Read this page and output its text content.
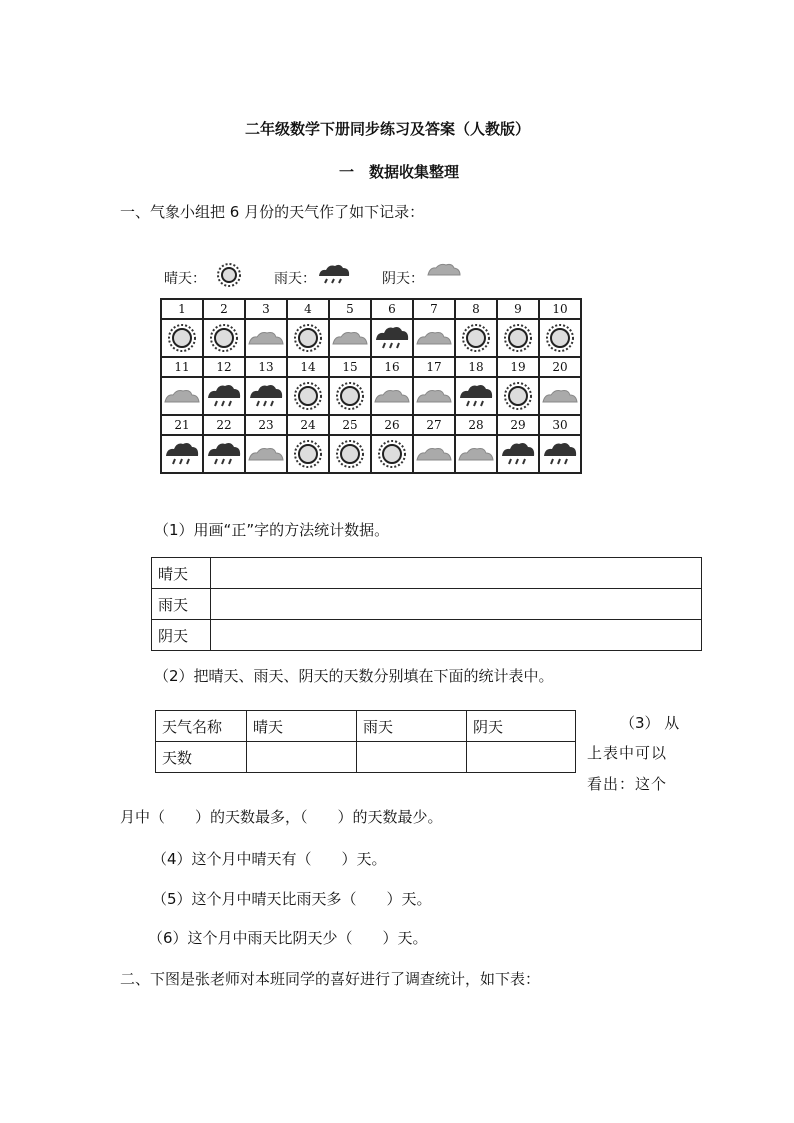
二年级数学下册同步练习及答案（人教版）
一　数据收集整理
一、气象小组把 6 月份的天气作了如下记录：
晴天：	雨天：	阴天：
1	2	3	4	5	6	7	8	9	10

11	12	13	14	15	16	17	18	19	20

21	22	23	24	25	26	27	28	29	30

（1）用画“正”字的方法统计数据。
晴天	
雨天	
阴天	
（2）把晴天、雨天、阴天的天数分别填在下面的统计表中。
天气名称	晴天	雨天	阴天
天数			
（3） 从
上表中可以
看出：这个
月中（　　）的天数最多，（　　）的天数最少。
（4）这个月中晴天有（　　）天。
（5）这个月中晴天比雨天多（　　）天。
（6）这个月中雨天比阴天少（　　）天。
二、下图是张老师对本班同学的喜好进行了调查统计，如下表：
